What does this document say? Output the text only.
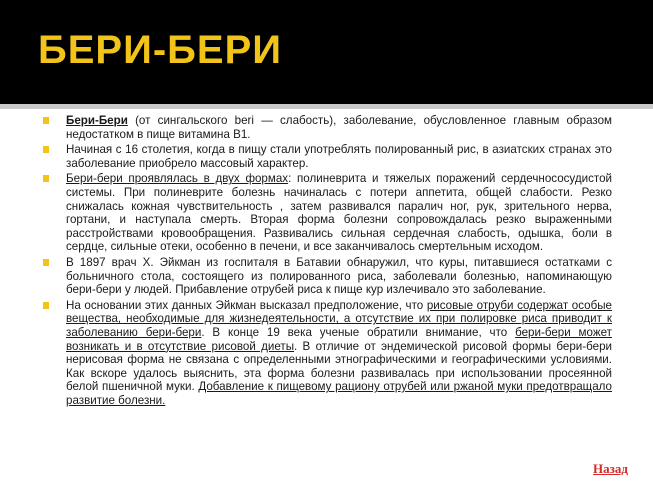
БЕРИ-БЕРИ
Бери-Бери (от сингальского beri — слабость), заболевание, обусловленное главным образом недостатком в пище витамина В1.
Начиная с 16 столетия, когда в пищу стали употреблять полированный рис, в азиатских странах это заболевание приобрело массовый характер.
Бери-бери проявлялась в двух формах: полиневрита и тяжелых поражений сердечнососудистой системы. При полиневрите болезнь начиналась с потери аппетита, общей слабости. Резко снижалась кожная чувствительность , затем развивался паралич ног, рук, зрительного нерва, гортани, и наступала смерть. Вторая форма болезни сопровождалась резко выраженными расстройствами кровообращения. Развивались сильная сердечная слабость, одышка, боли в сердце, сильные отеки, особенно в печени, и все заканчивалось смертельным исходом.
В 1897 врач Х. Эйкман из госпиталя в Батавии обнаружил, что куры, питавшиеся остатками с больничного стола, состоящего из полированного риса, заболевали болезнью, напоминающую бери-бери у людей. Прибавление отрубей риса к пище кур излечивало это заболевание.
На основании этих данных Эйкман высказал предположение, что рисовые отруби содержат особые вещества, необходимые для жизнедеятельности, а отсутствие их при полировке риса приводит к заболеванию бери-бери. В конце 19 века ученые обратили внимание, что бери-бери может возникать и в отсутствие рисовой диеты. В отличие от эндемической рисовой формы бери-бери нерисовая форма не связана с определенными этнографическими и географическими условиями. Как вскоре удалось выяснить, эта форма болезни развивалась при использовании просеянной белой пшеничной муки. Добавление к пищевому рациону отрубей или ржаной муки предотвращало развитие болезни.
Назад
